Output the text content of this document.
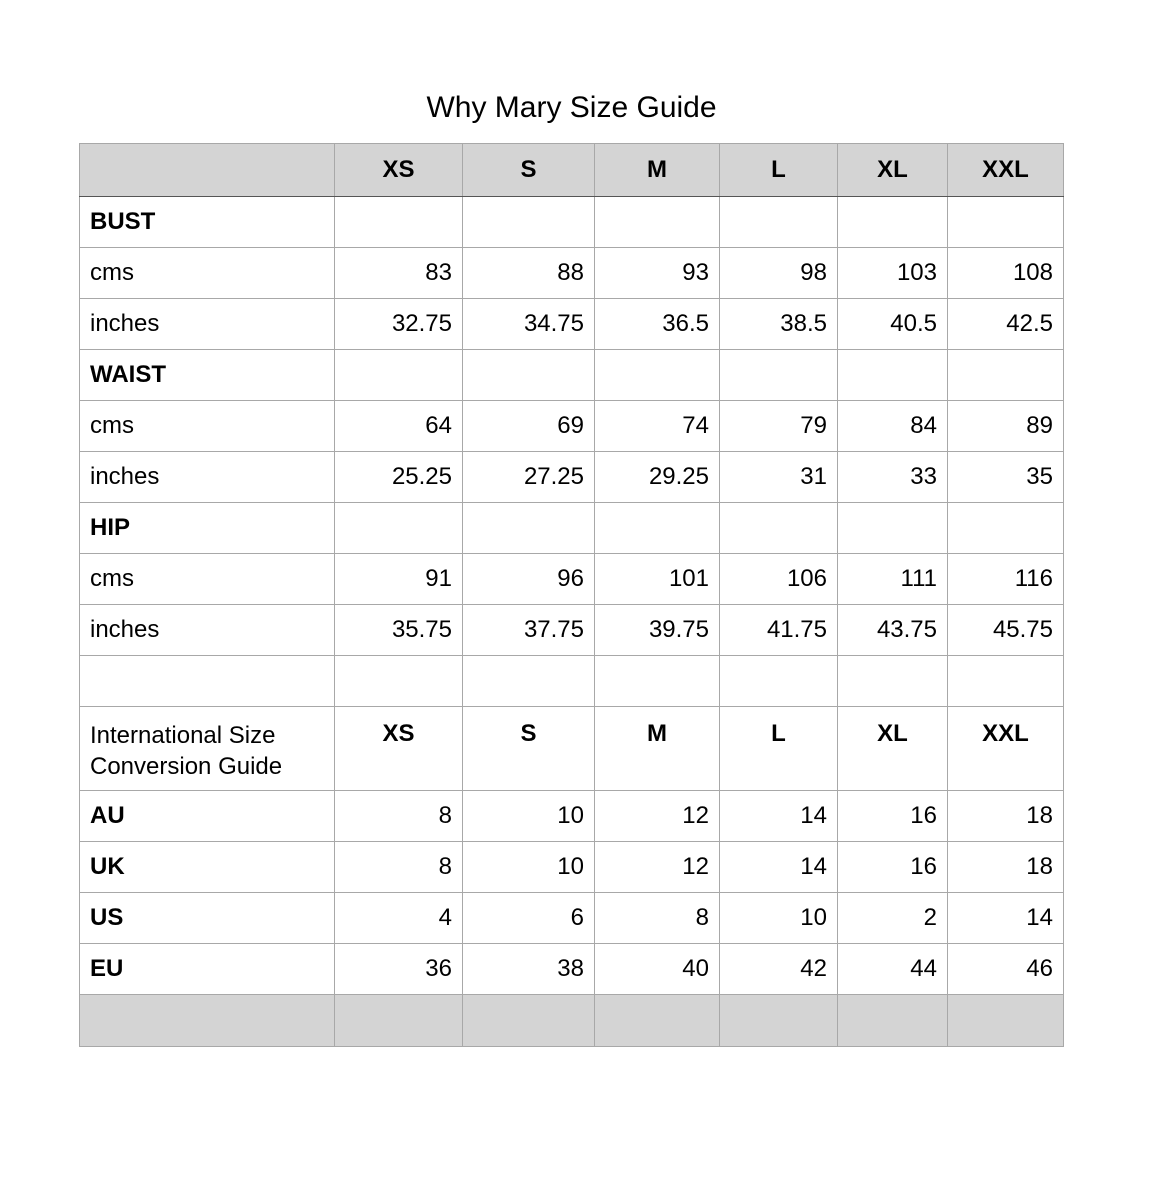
Why Mary Size Guide
	XS	S	M	L	XL	XXL
BUST						
cms	83	88	93	98	103	108
inches	32.75	34.75	36.5	38.5	40.5	42.5
WAIST						
cms	64	69	74	79	84	89
inches	25.25	27.25	29.25	31	33	35
HIP						
cms	91	96	101	106	111	116
inches	35.75	37.75	39.75	41.75	43.75	45.75

International Size Conversion Guide	XS	S	M	L	XL	XXL
AU	8	10	12	14	16	18
UK	8	10	12	14	16	18
US	4	6	8	10	2	14
EU	36	38	40	42	44	46
